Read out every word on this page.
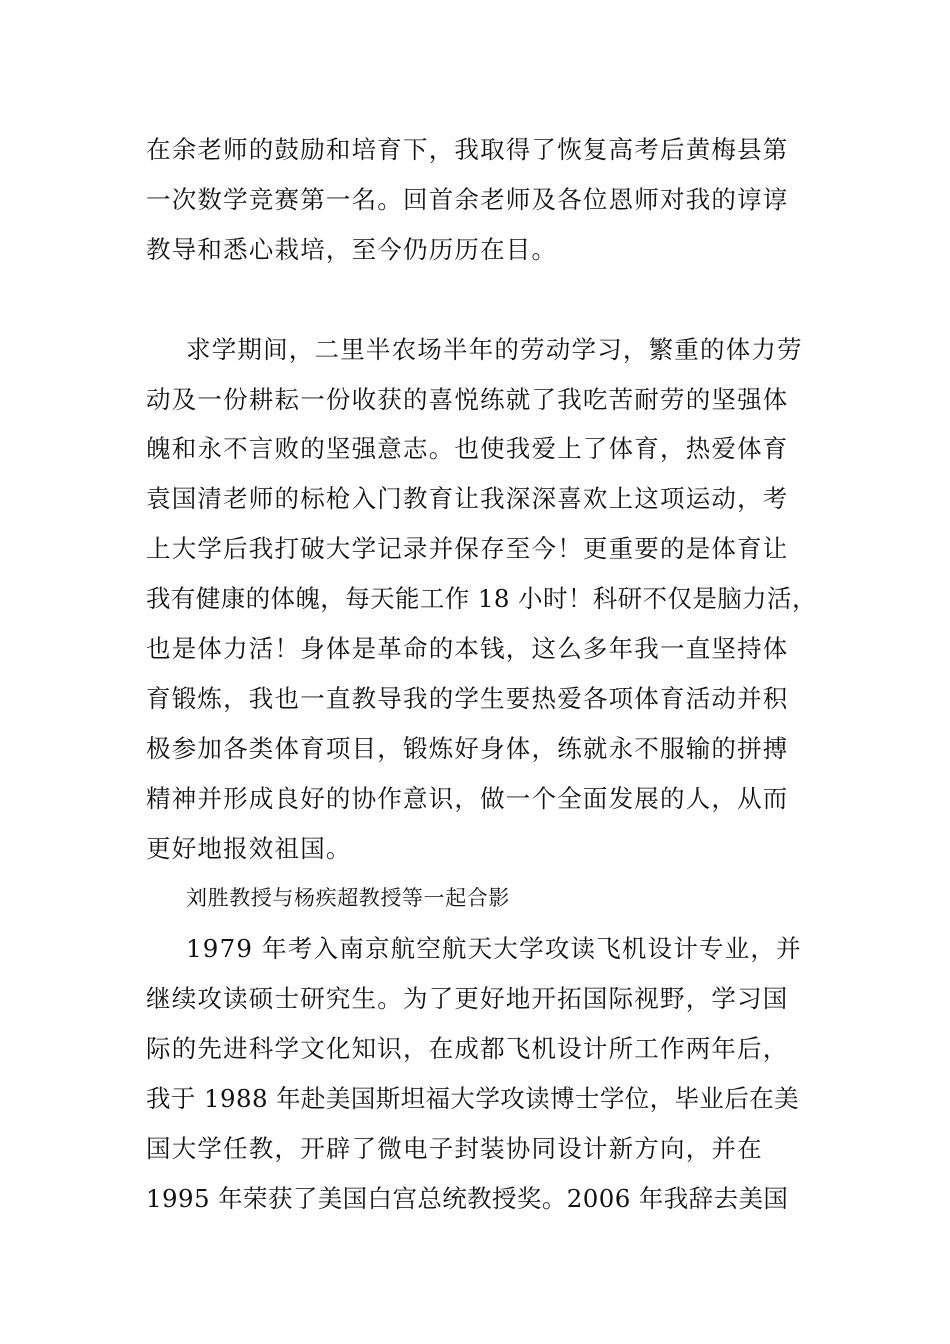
在余老师的鼓励和培育下，我取得了恢复高考后黄梅县第

一次数学竞赛第一名。回首余老师及各位恩师对我的谆谆

教导和悉心栽培，至今仍历历在目。

求学期间，二里半农场半年的劳动学习，繁重的体力劳

动及一份耕耘一份收获的喜悦练就了我吃苦耐劳的坚强体

魄和永不言败的坚强意志。也使我爱上了体育，热爱体育

袁国清老师的标枪入门教育让我深深喜欢上这项运动，考

上大学后我打破大学记录并保存至今！更重要的是体育让

我有健康的体魄，每天能工作 18 小时！科研不仅是脑力活，

也是体力活！身体是革命的本钱，这么多年我一直坚持体

育锻炼，我也一直教导我的学生要热爱各项体育活动并积

极参加各类体育项目，锻炼好身体，练就永不服输的拼搏

精神并形成良好的协作意识，做一个全面发展的人，从而

更好地报效祖国。

刘胜教授与杨疾超教授等一起合影

1979 年考入南京航空航天大学攻读飞机设计专业，并

继续攻读硕士研究生。为了更好地开拓国际视野，学习国

际的先进科学文化知识，在成都飞机设计所工作两年后，

我于 1988 年赴美国斯坦福大学攻读博士学位，毕业后在美

国大学任教，开辟了微电子封装协同设计新方向，并在

1995 年荣获了美国白宫总统教授奖。2006 年我辞去美国
